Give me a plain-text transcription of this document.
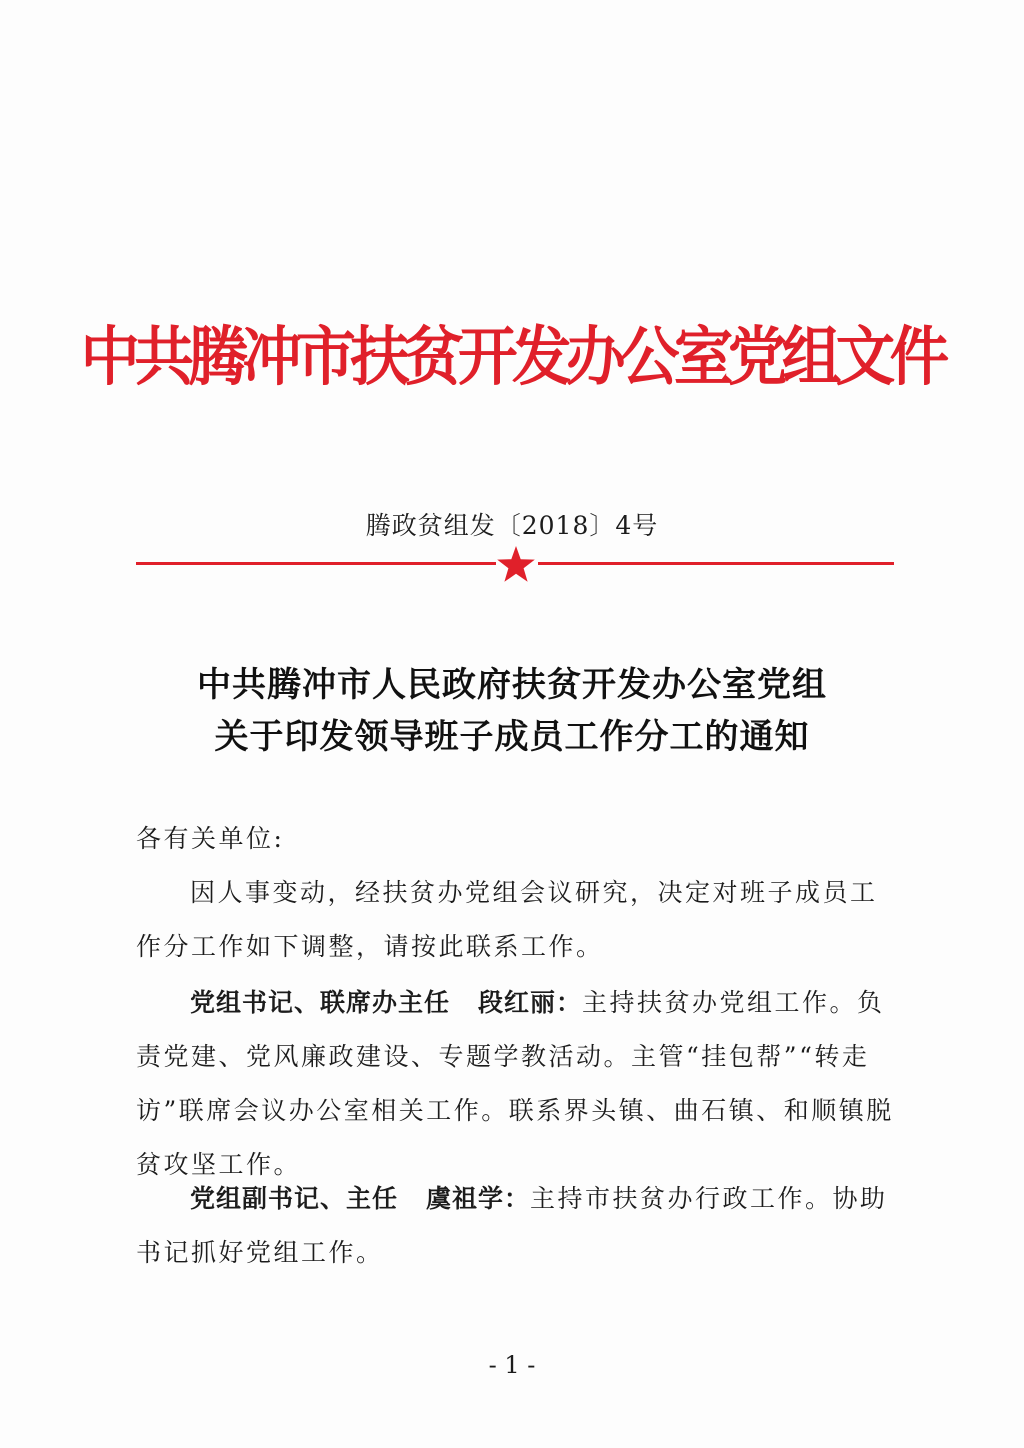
中共腾冲市扶贫开发办公室党组文件
腾政贫组发〔2018〕4号
中共腾冲市人民政府扶贫开发办公室党组
关于印发领导班子成员工作分工的通知
各有关单位:
因人事变动，经扶贫办党组会议研究，决定对班子成员工作分工作如下调整，请按此联系工作。
党组书记、联席办主任 段红丽：主持扶贫办党组工作。负责党建、党风廉政建设、专题学教活动。主管“挂包帮”“转走访”联席会议办公室相关工作。联系界头镇、曲石镇、和顺镇脱贫攻坚工作。
党组副书记、主任 虞祖学：主持市扶贫办行政工作。协助书记抓好党组工作。
- 1 -
